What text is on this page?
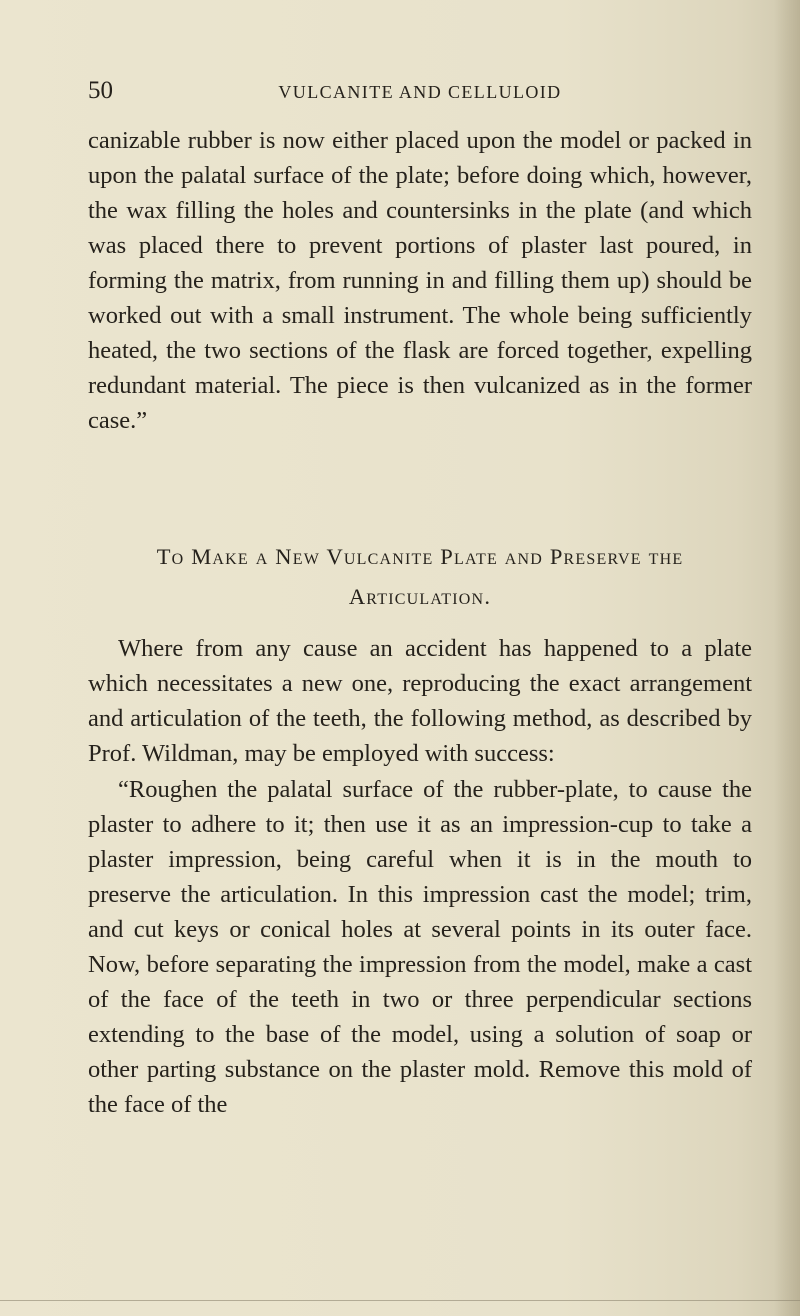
50	VULCANITE AND CELLULOID

canizable rubber is now either placed upon the model or packed in upon the palatal surface of the plate; before doing which, however, the wax filling the holes and countersinks in the plate (and which was placed there to prevent portions of plaster last poured, in forming the matrix, from running in and filling them up) should be worked out with a small instrument. The whole being sufficiently heated, the two sections of the flask are forced together, expelling redundant material. The piece is then vulcanized as in the former case.”

To Make a New Vulcanite Plate and Preserve the Articulation.

Where from any cause an accident has happened to a plate which necessitates a new one, reproducing the exact arrangement and articulation of the teeth, the following method, as described by Prof. Wildman, may be employed with success:

“Roughen the palatal surface of the rubber-plate, to cause the plaster to adhere to it; then use it as an impression-cup to take a plaster impression, being careful when it is in the mouth to preserve the articulation. In this impression cast the model; trim, and cut keys or conical holes at several points in its outer face. Now, before separating the impression from the model, make a cast of the face of the teeth in two or three perpendicular sections extending to the base of the model, using a solution of soap or other parting substance on the plaster mold. Remove this mold of the face of the
